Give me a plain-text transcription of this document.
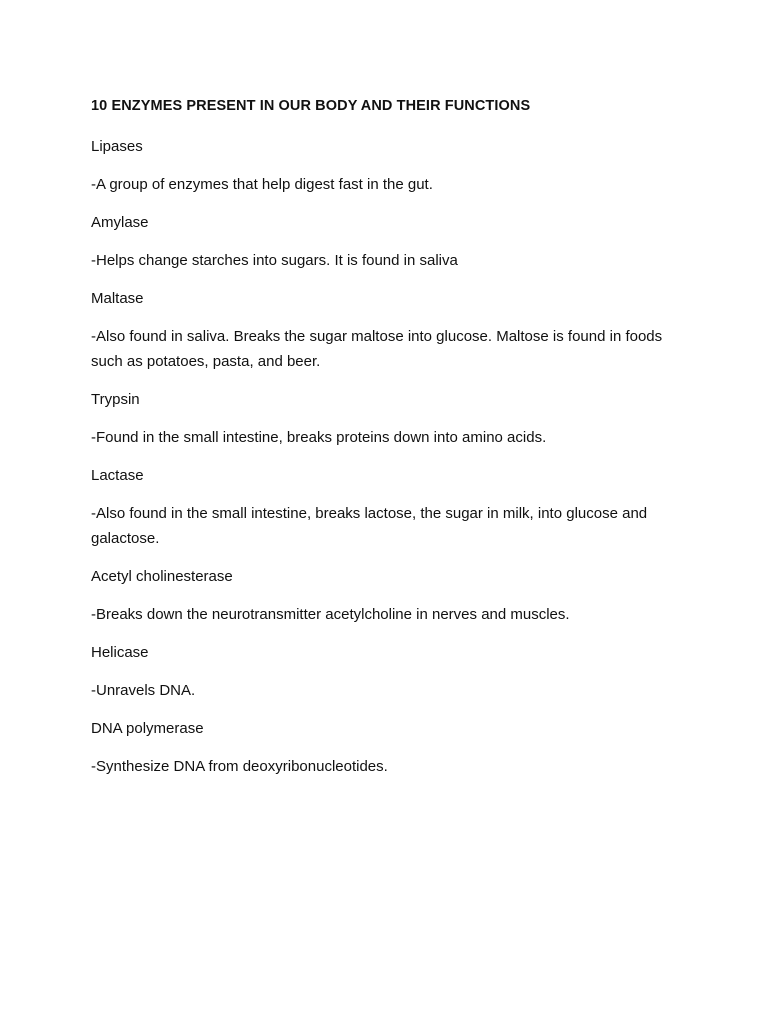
10 ENZYMES PRESENT IN OUR BODY AND THEIR FUNCTIONS

Lipases

-A group of enzymes that help digest fast in the gut.

Amylase

-Helps change starches into sugars. It is found in saliva

Maltase

-Also found in saliva. Breaks the sugar maltose into glucose. Maltose is found in foods such as potatoes, pasta, and beer.

Trypsin

-Found in the small intestine, breaks proteins down into amino acids.

Lactase

-Also found in the small intestine, breaks lactose, the sugar in milk, into glucose and galactose.

Acetyl cholinesterase

-Breaks down the neurotransmitter acetylcholine in nerves and muscles.

Helicase

-Unravels DNA.

DNA polymerase

-Synthesize DNA from deoxyribonucleotides.
